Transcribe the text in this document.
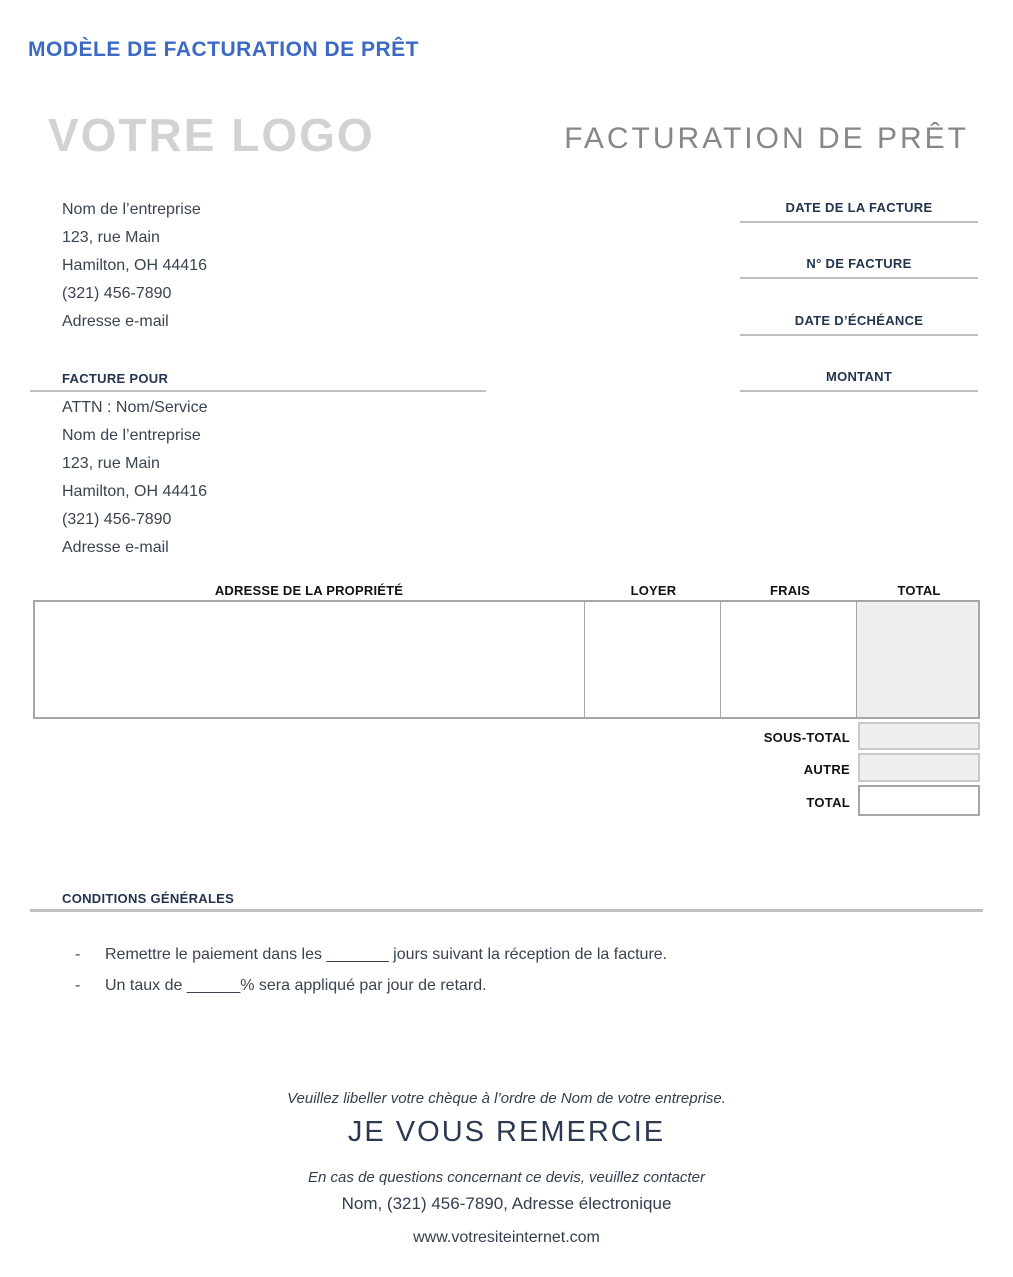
MODÈLE DE FACTURATION DE PRÊT
VOTRE LOGO	FACTURATION DE PRÊT
Nom de l’entreprise
123, rue Main
Hamilton, OH 44416
(321) 456-7890
Adresse e-mail
DATE DE LA FACTURE
N° DE FACTURE
DATE D’ÉCHÉANCE
MONTANT
FACTURE POUR
ATTN : Nom/Service
Nom de l’entreprise
123, rue Main
Hamilton, OH 44416
(321) 456-7890
Adresse e-mail
ADRESSE DE LA PROPRIÉTÉ	LOYER	FRAIS	TOTAL
SOUS-TOTAL
AUTRE
TOTAL
CONDITIONS GÉNÉRALES
- Remettre le paiement dans les _______ jours suivant la réception de la facture.
- Un taux de ______% sera appliqué par jour de retard.
Veuillez libeller votre chèque à l’ordre de Nom de votre entreprise.
JE VOUS REMERCIE
En cas de questions concernant ce devis, veuillez contacter
Nom, (321) 456-7890, Adresse électronique
www.votresiteinternet.com
